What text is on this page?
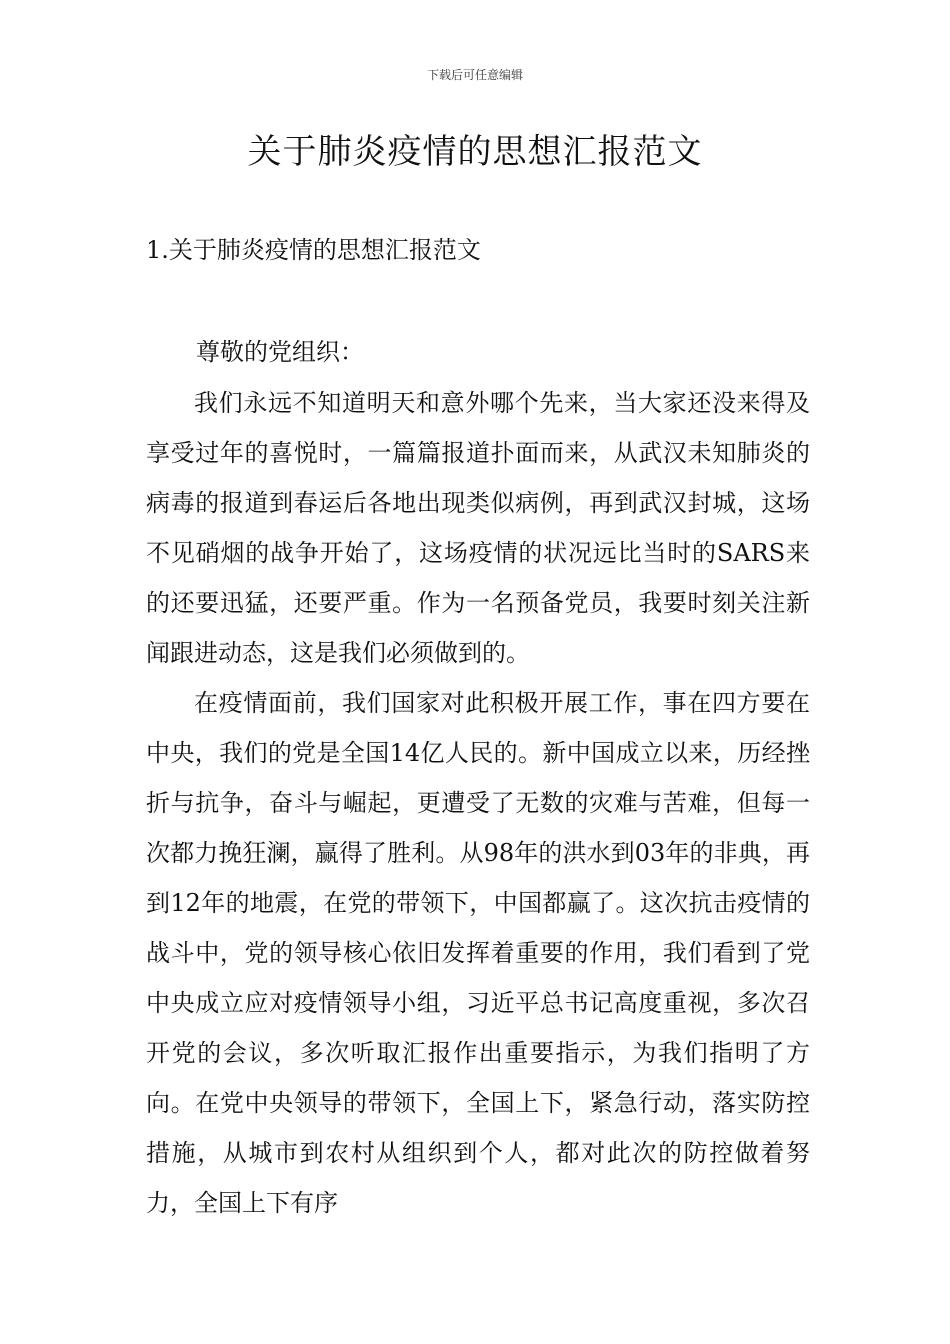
下载后可任意编辑
关于肺炎疫情的思想汇报范文
1.关于肺炎疫情的思想汇报范文

尊敬的党组织：

我们永远不知道明天和意外哪个先来，当大家还没来得及享受过年的喜悦时，一篇篇报道扑面而来，从武汉未知肺炎的病毒的报道到春运后各地出现类似病例，再到武汉封城，这场不见硝烟的战争开始了，这场疫情的状况远比当时的SARS来的还要迅猛，还要严重。作为一名预备党员，我要时刻关注新闻跟进动态，这是我们必须做到的。

在疫情面前，我们国家对此积极开展工作，事在四方要在中央，我们的党是全国14亿人民的。新中国成立以来，历经挫折与抗争，奋斗与崛起，更遭受了无数的灾难与苦难，但每一次都力挽狂澜，赢得了胜利。从98年的洪水到03年的非典，再到12年的地震，在党的带领下，中国都赢了。这次抗击疫情的战斗中，党的领导核心依旧发挥着重要的作用，我们看到了党中央成立应对疫情领导小组，习近平总书记高度重视，多次召开党的会议，多次听取汇报作出重要指示，为我们指明了方向。在党中央领导的带领下，全国上下，紧急行动，落实防控措施，从城市到农村从组织到个人，都对此次的防控做着努力，全国上下有序
